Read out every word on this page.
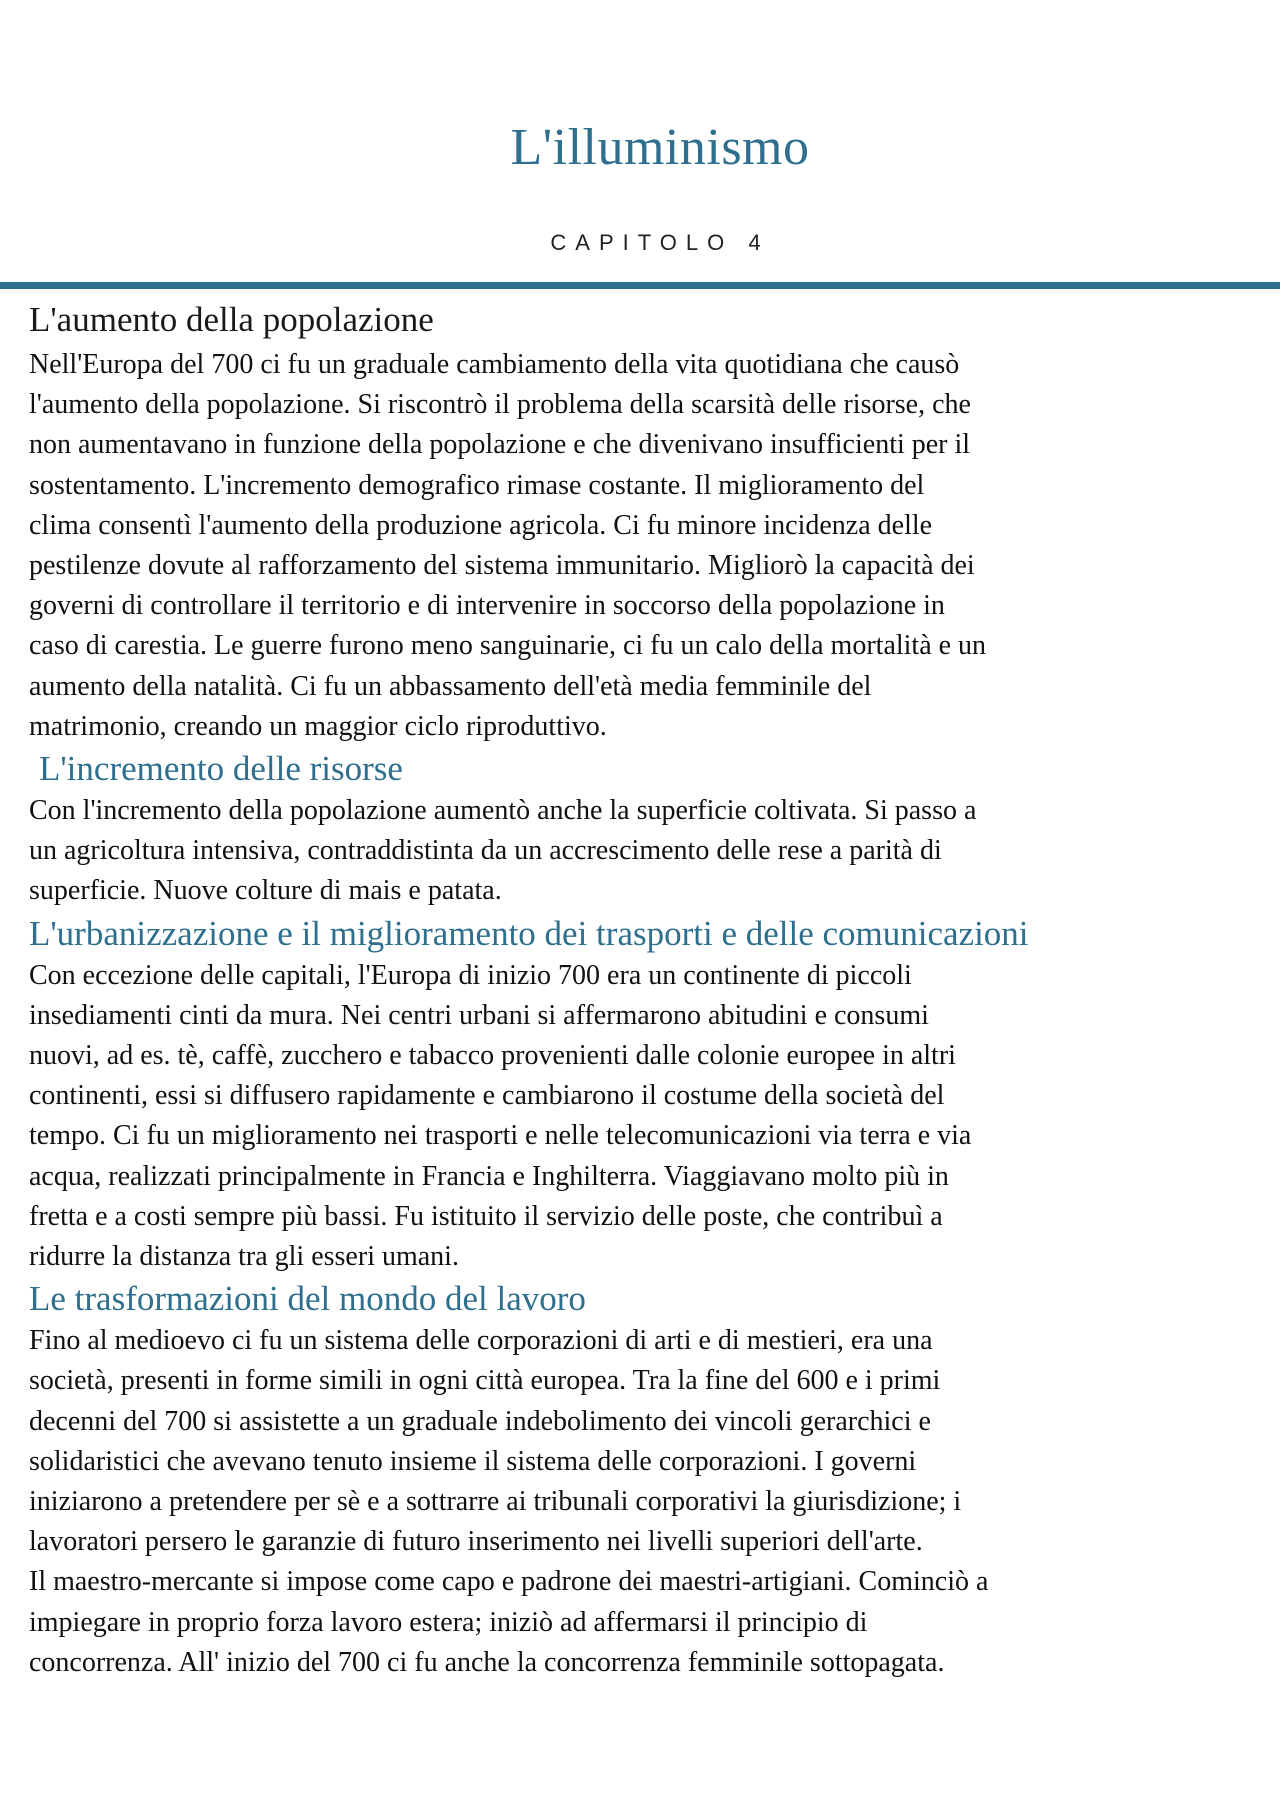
L'illuminismo
CAPITOLO 4
L'aumento della popolazione

Nell'Europa del 700 ci fu un graduale cambiamento della vita quotidiana che causò
l'aumento della popolazione. Si riscontrò il problema della scarsità delle risorse, che
non aumentavano in funzione della popolazione e che divenivano insufficienti per il
sostentamento. L'incremento demografico rimase costante. Il miglioramento del
clima consentì l'aumento della produzione agricola. Ci fu minore incidenza delle
pestilenze dovute al rafforzamento del sistema immunitario. Migliorò la capacità dei
governi di controllare il territorio e di intervenire in soccorso della popolazione in
caso di carestia. Le guerre furono meno sanguinarie, ci fu un calo della mortalità e un
aumento della natalità. Ci fu un abbassamento dell'età media femminile del
matrimonio, creando un maggior ciclo riproduttivo.

L'incremento delle risorse

Con l'incremento della popolazione aumentò anche la superficie coltivata. Si passo a
un agricoltura intensiva, contraddistinta da un accrescimento delle rese a parità di
superficie. Nuove colture di mais e patata.

L'urbanizzazione e il miglioramento dei trasporti e delle comunicazioni

Con eccezione delle capitali, l'Europa di inizio 700 era un continente di piccoli
insediamenti cinti da mura. Nei centri urbani si affermarono abitudini e consumi
nuovi, ad es. tè, caffè, zucchero e tabacco provenienti dalle colonie europee in altri
continenti, essi si diffusero rapidamente e cambiarono il costume della società del
tempo. Ci fu un miglioramento nei trasporti e nelle telecomunicazioni via terra e via
acqua, realizzati principalmente in Francia e Inghilterra. Viaggiavano molto più in
fretta e a costi sempre più bassi. Fu istituito il servizio delle poste, che contribuì a
ridurre la distanza tra gli esseri umani.

Le trasformazioni del mondo del lavoro

Fino al medioevo ci fu un sistema delle corporazioni di arti e di mestieri, era una
società, presenti in forme simili in ogni città europea. Tra la fine del 600 e i primi
decenni del 700 si assistette a un graduale indebolimento dei vincoli gerarchici e
solidaristici che avevano tenuto insieme il sistema delle corporazioni. I governi
iniziarono a pretendere per sè e a sottrarre ai tribunali corporativi la giurisdizione; i
lavoratori persero le garanzie di futuro inserimento nei livelli superiori dell'arte.
Il maestro-mercante si impose come capo e padrone dei maestri-artigiani. Cominciò a
impiegare in proprio forza lavoro estera; iniziò ad affermarsi il principio di
concorrenza. All' inizio del 700 ci fu anche la concorrenza femminile sottopagata.
